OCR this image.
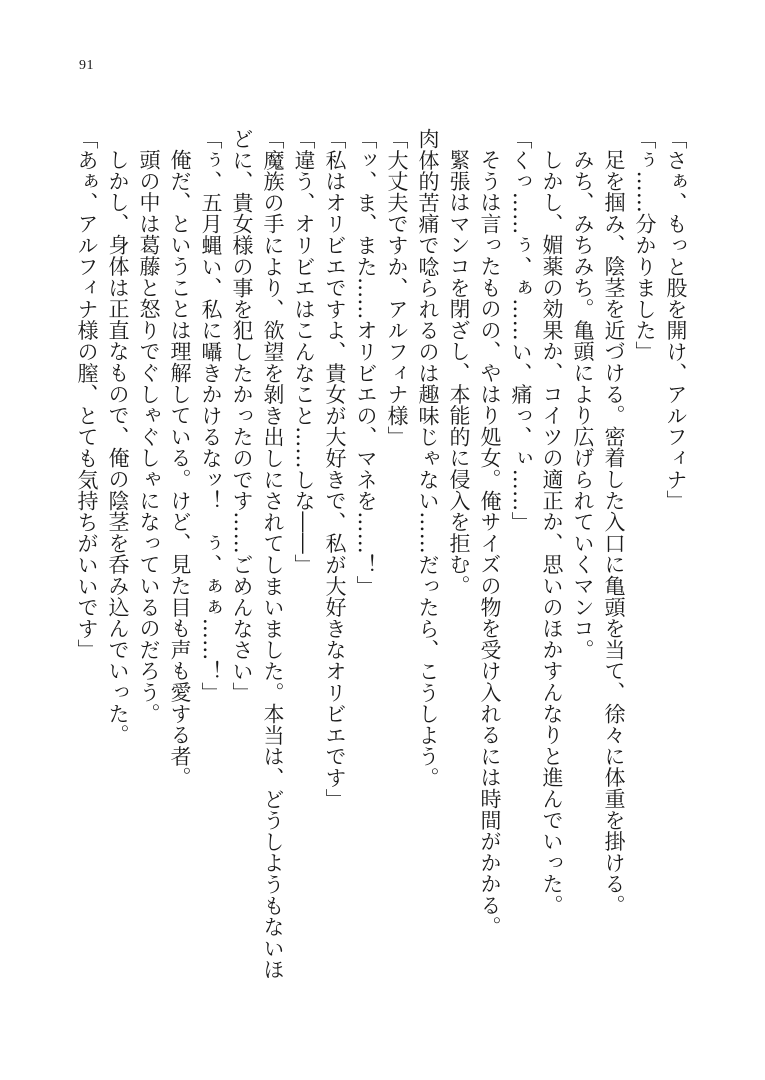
91
「さぁ、もっと股を開け、アルフィナ」
「ぅ……分かりました」
足を掴み、陰茎を近づける。密着した入口に亀頭を当て、徐々に体重を掛ける。
みち、みちみち。亀頭により広げられていくマンコ。
しかし、媚薬の効果か、コイツの適正か、思いのほかすんなりと進んでいった。
「くっ……ぅ、ぁ……い、痛っ、ぃ……」
そうは言ったものの、やはり処女。俺サイズの物を受け入れるには時間がかかる。
緊張はマンコを閉ざし、本能的に侵入を拒む。
肉体的苦痛で唸られるのは趣味じゃない……だったら、こうしよう。
「大丈夫ですか、アルフィナ様」
「ッ、ま、また……オリビエの、マネを……！」
「私はオリビエですよ、貴女が大好きで、私が大好きなオリビエです」
「違う、オリビエはこんなこと……しな――」
「魔族の手により、欲望を剝き出しにされてしまいました。本当は、どうしようもないほ
どに、貴女様の事を犯したかったのです……ごめんなさい」
「ぅ、五月蝿い、私に囁きかけるなッ！　ぅ、ぁぁ……！」
俺だ、ということは理解している。けど、見た目も声も愛する者。
頭の中は葛藤と怒りでぐしゃぐしゃになっているのだろう。
しかし、身体は正直なもので、俺の陰茎を呑み込んでいった。
「あぁ、アルフィナ様の膣、とても気持ちがいいです」
